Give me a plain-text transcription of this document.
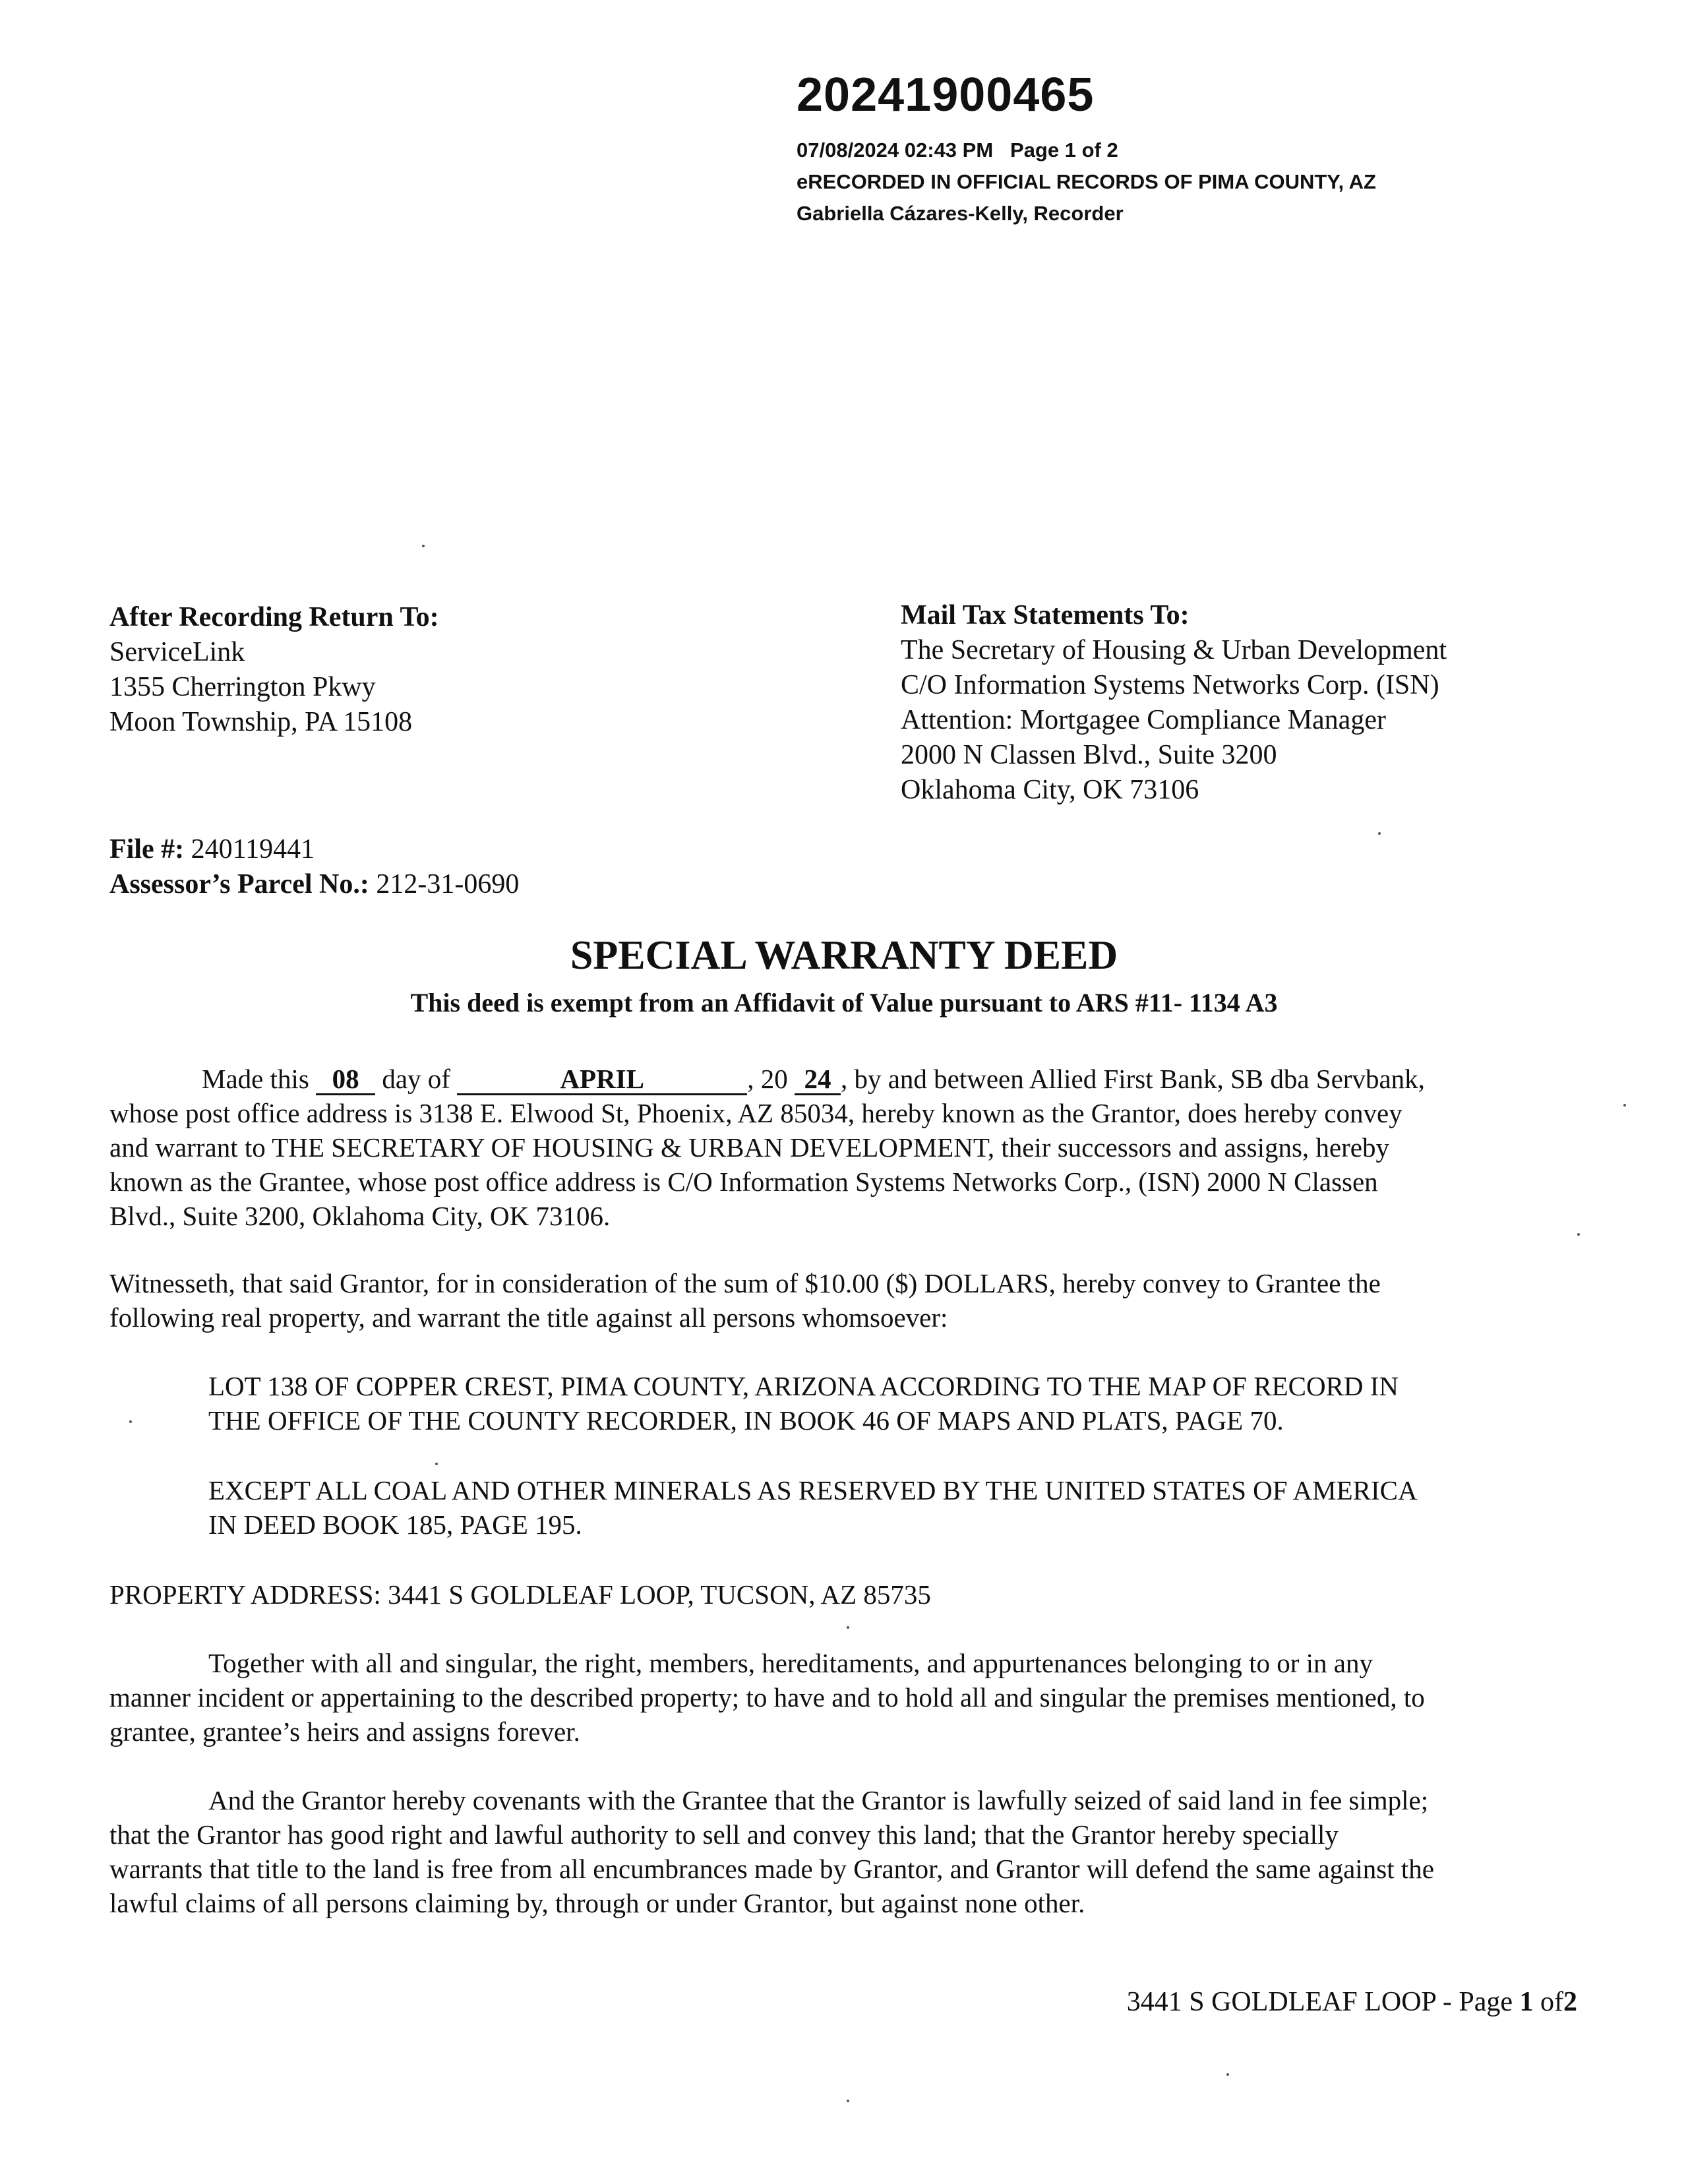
20241900465
07/08/2024 02:43 PM Page 1 of 2
eRECORDED IN OFFICIAL RECORDS OF PIMA COUNTY, AZ
Gabriella Cázares-Kelly, Recorder
After Recording Return To:
ServiceLink
1355 Cherrington Pkwy
Moon Township, PA 15108
Mail Tax Statements To:
The Secretary of Housing & Urban Development
C/O Information Systems Networks Corp. (ISN)
Attention: Mortgagee Compliance Manager
2000 N Classen Blvd., Suite 3200
Oklahoma City, OK 73106
File #: 240119441
Assessor’s Parcel No.: 212-31-0690
SPECIAL WARRANTY DEED
This deed is exempt from an Affidavit of Value pursuant to ARS #11- 1134 A3
Made this 08 day of	APRIL	, 20 24 , by and between Allied First Bank, SB dba Servbank,
whose post office address is 3138 E. Elwood St, Phoenix, AZ 85034, hereby known as the Grantor, does hereby convey
and warrant to THE SECRETARY OF HOUSING & URBAN DEVELOPMENT, their successors and assigns, hereby
known as the Grantee, whose post office address is C/O Information Systems Networks Corp., (ISN) 2000 N Classen
Blvd., Suite 3200, Oklahoma City, OK 73106.
Witnesseth, that said Grantor, for in consideration of the sum of $10.00 ($) DOLLARS, hereby convey to Grantee the
following real property, and warrant the title against all persons whomsoever:
LOT 138 OF COPPER CREST, PIMA COUNTY, ARIZONA ACCORDING TO THE MAP OF RECORD IN
THE OFFICE OF THE COUNTY RECORDER, IN BOOK 46 OF MAPS AND PLATS, PAGE 70.
EXCEPT ALL COAL AND OTHER MINERALS AS RESERVED BY THE UNITED STATES OF AMERICA
IN DEED BOOK 185, PAGE 195.
PROPERTY ADDRESS: 3441 S GOLDLEAF LOOP, TUCSON, AZ 85735
Together with all and singular, the right, members, hereditaments, and appurtenances belonging to or in any
manner incident or appertaining to the described property; to have and to hold all and singular the premises mentioned, to
grantee, grantee’s heirs and assigns forever.
And the Grantor hereby covenants with the Grantee that the Grantor is lawfully seized of said land in fee simple;
that the Grantor has good right and lawful authority to sell and convey this land; that the Grantor hereby specially
warrants that title to the land is free from all encumbrances made by Grantor, and Grantor will defend the same against the
lawful claims of all persons claiming by, through or under Grantor, but against none other.
3441 S GOLDLEAF LOOP - Page 1 of2
